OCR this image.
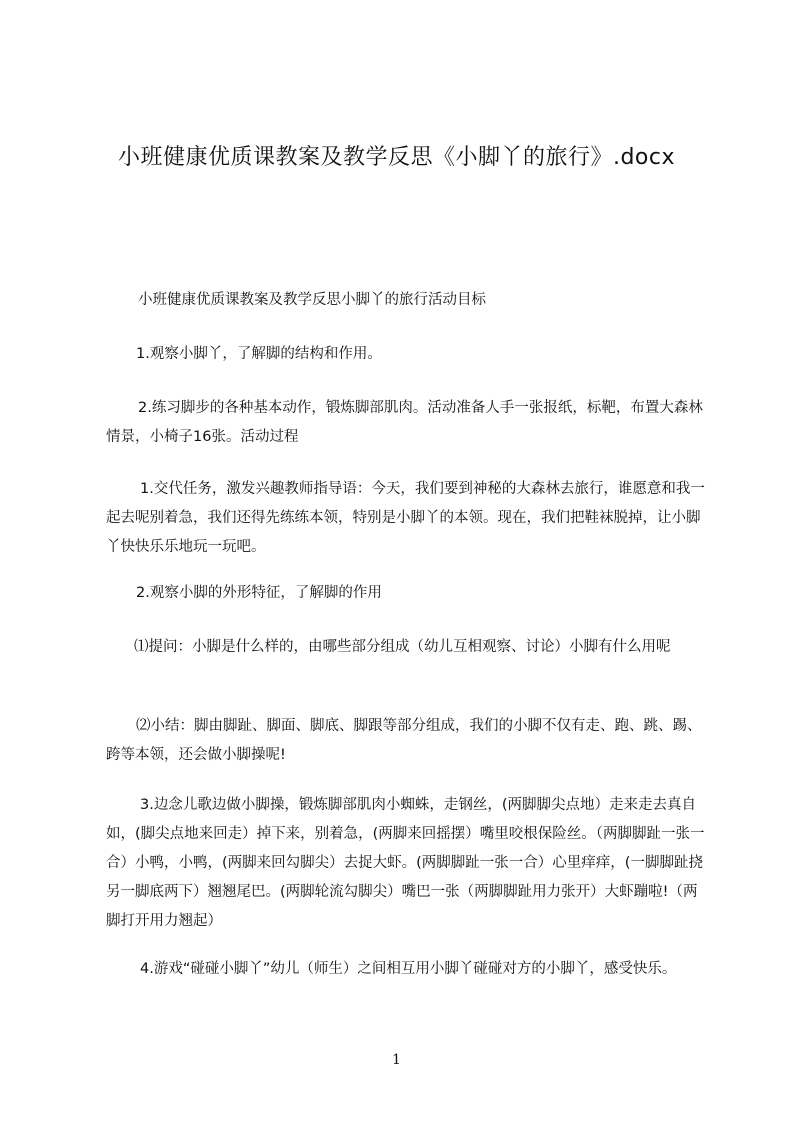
小班健康优质课教案及教学反思《小脚丫的旅行》.docx

小班健康优质课教案及教学反思小脚丫的旅行活动目标

1.观察小脚丫，了解脚的结构和作用。

2.练习脚步的各种基本动作，锻炼脚部肌肉。活动准备人手一张报纸，标靶，布置大森林情景，小椅子16张。活动过程

1.交代任务，激发兴趣教师指导语：今天，我们要到神秘的大森林去旅行，谁愿意和我一起去呢别着急，我们还得先练练本领，特别是小脚丫的本领。现在，我们把鞋袜脱掉，让小脚丫快快乐乐地玩一玩吧。

2.观察小脚的外形特征，了解脚的作用

⑴提问：小脚是什么样的，由哪些部分组成（幼儿互相观察、讨论）小脚有什么用呢

⑵小结：脚由脚趾、脚面、脚底、脚跟等部分组成，我们的小脚不仅有走、跑、跳、踢、跨等本领，还会做小脚操呢!

3.边念儿歌边做小脚操，锻炼脚部肌肉小蜘蛛，走钢丝，(两脚脚尖点地）走来走去真自如，(脚尖点地来回走）掉下来，别着急，(两脚来回摇摆）嘴里咬根保险丝。（两脚脚趾一张一合）小鸭，小鸭，(两脚来回勾脚尖）去捉大虾。(两脚脚趾一张一合）心里痒痒，(一脚脚趾挠另一脚底两下）翘翘尾巴。(两脚轮流勾脚尖）嘴巴一张（两脚脚趾用力张开）大虾蹦啦!（两脚打开用力翘起）

4.游戏“碰碰小脚丫”幼儿（师生）之间相互用小脚丫碰碰对方的小脚丫，感受快乐。

1
